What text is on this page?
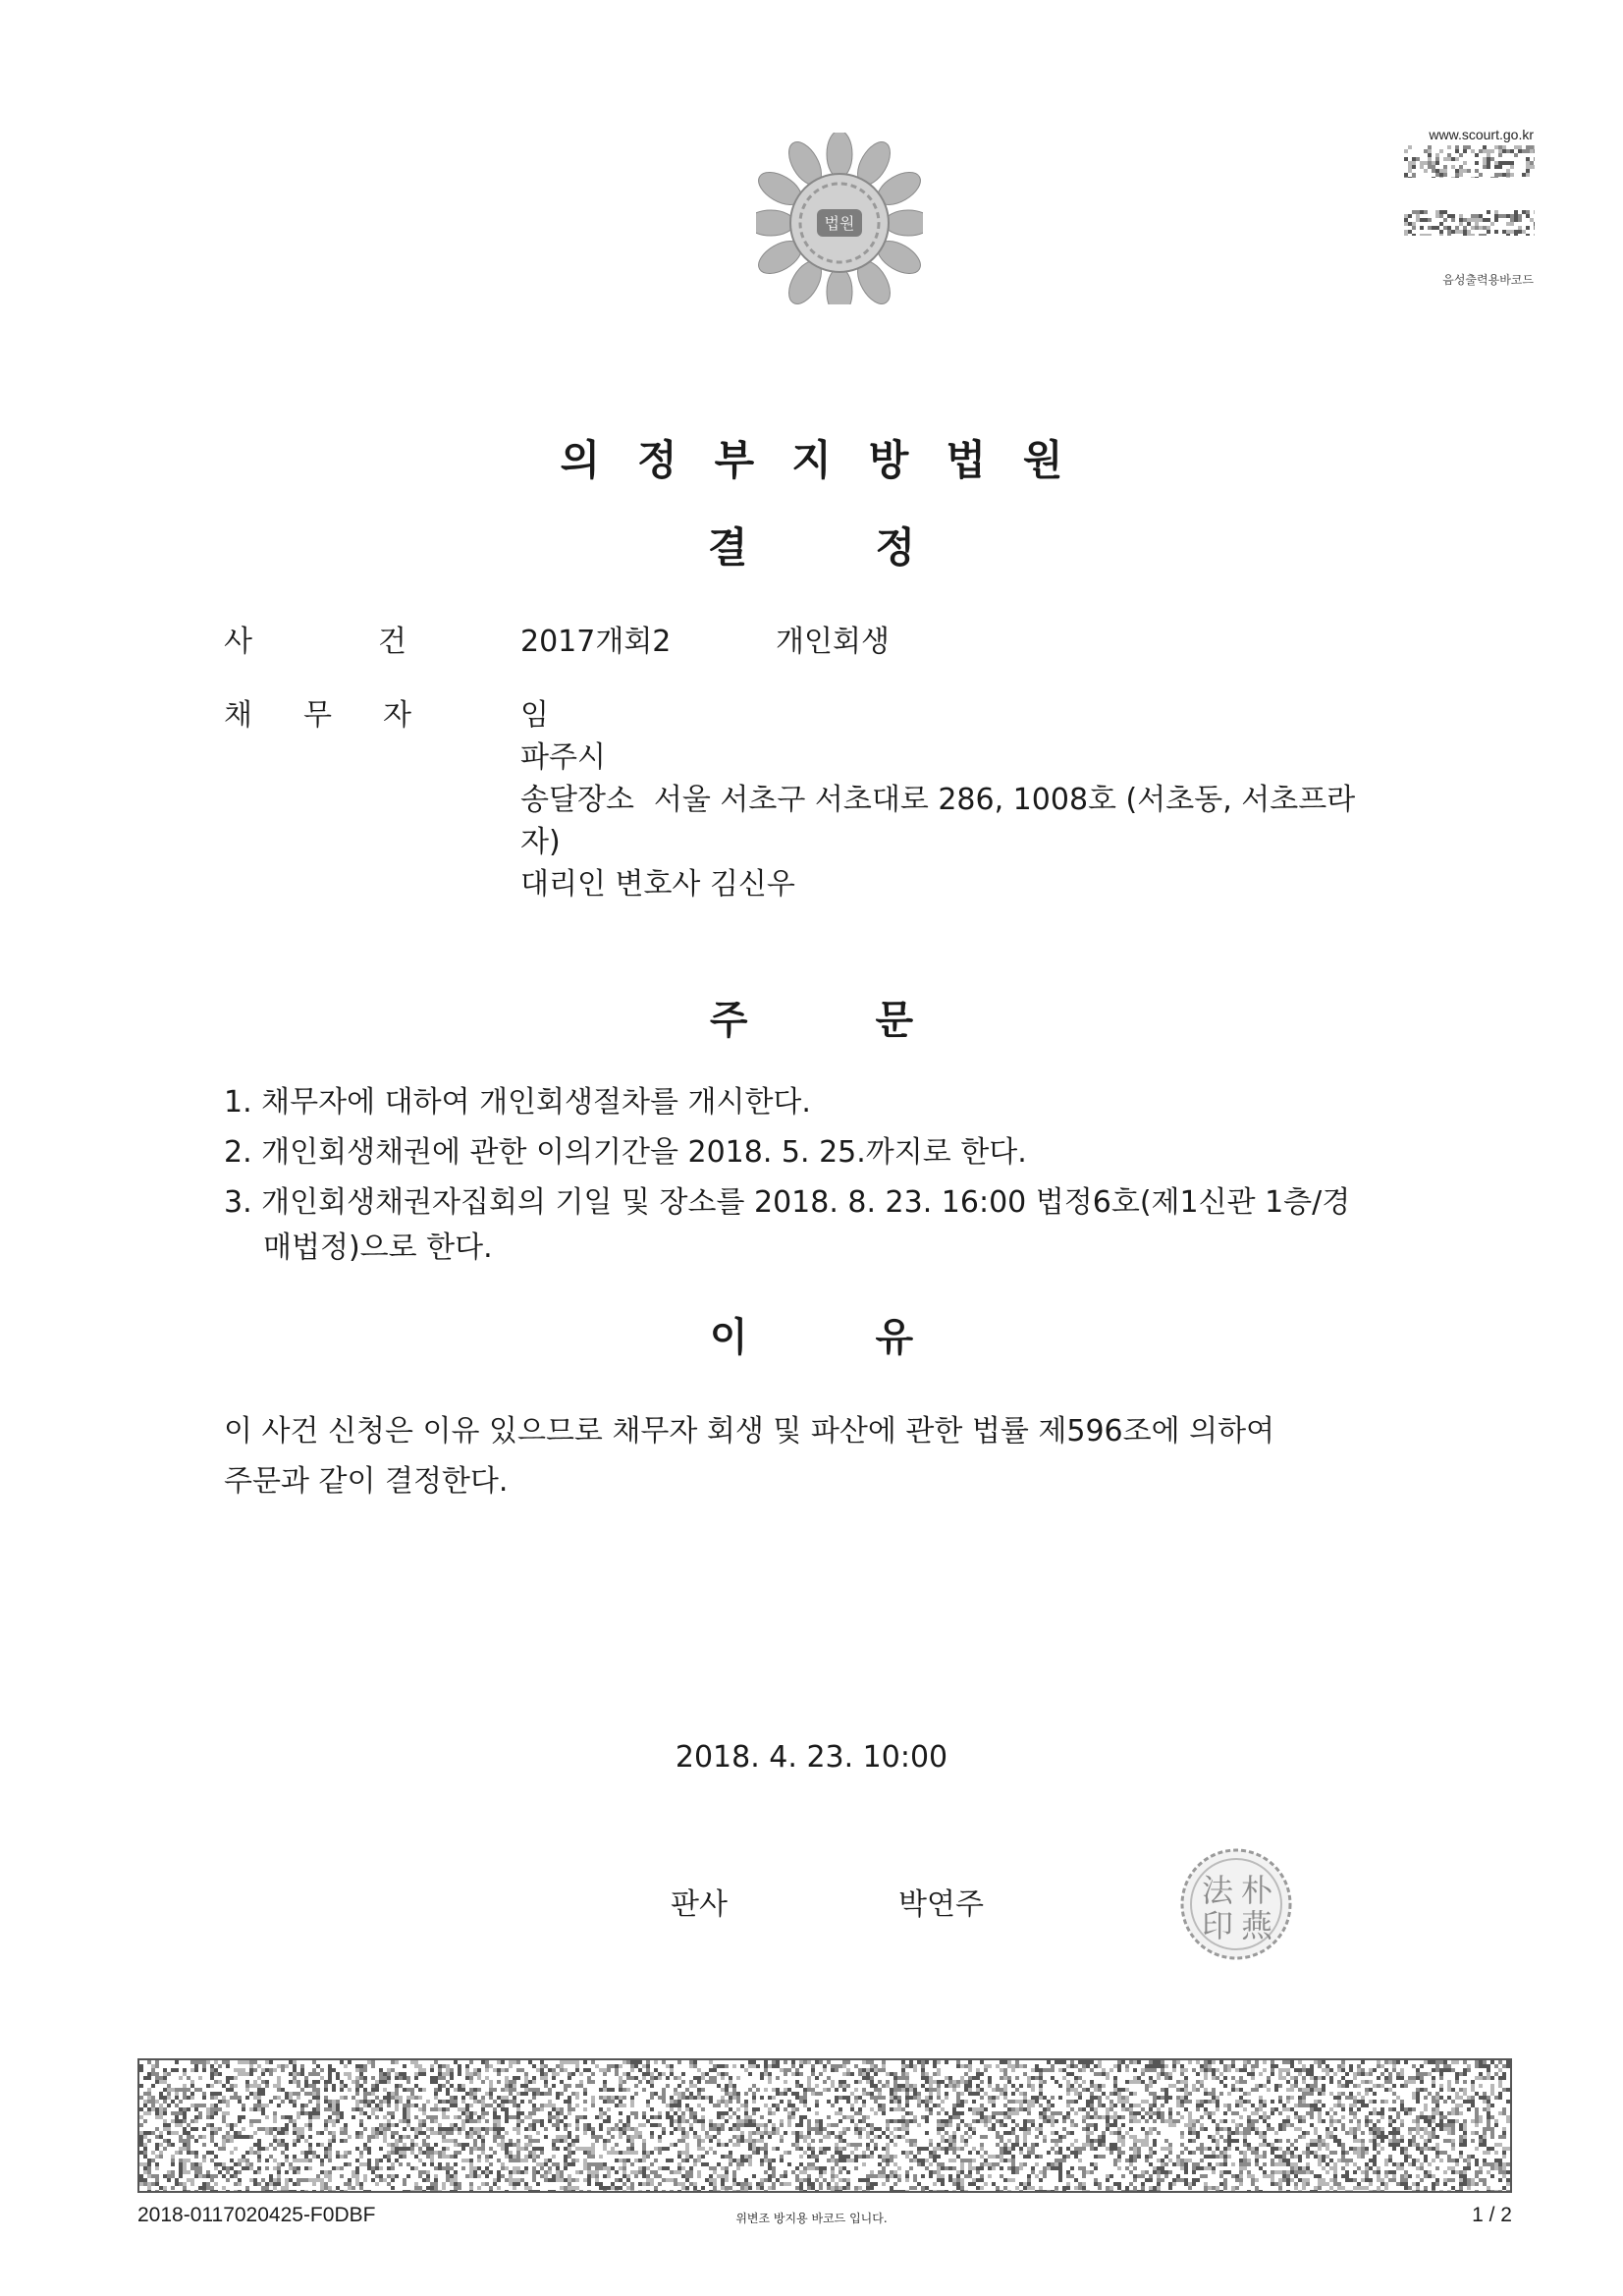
법원
www.scourt.go.kr
음성출력용바코드
의정부지방법원
결	정
사	건	2017개회2	개인회생
채 무 자	임
파주시
송달장소 서울 서초구 서초대로 286, 1008호 (서초동, 서초프라
자)
대리인 변호사 김신우
주	문
1. 채무자에 대하여 개인회생절차를 개시한다.
2. 개인회생채권에 관한 이의기간을 2018. 5. 25.까지로 한다.
3. 개인회생채권자집회의 기일 및 장소를 2018. 8. 23. 16:00 법정6호(제1신관 1층/경
매법정)으로 한다.
이	유
이 사건 신청은 이유 있으므로 채무자 회생 및 파산에 관한 법률 제596조에 의하여
주문과 같이 결정한다.
2018. 4. 23. 10:00
판사	박연주	法 朴
印 燕
2018-0117020425-F0DBF	위변조 방지용 바코드 입니다.	1 / 2
